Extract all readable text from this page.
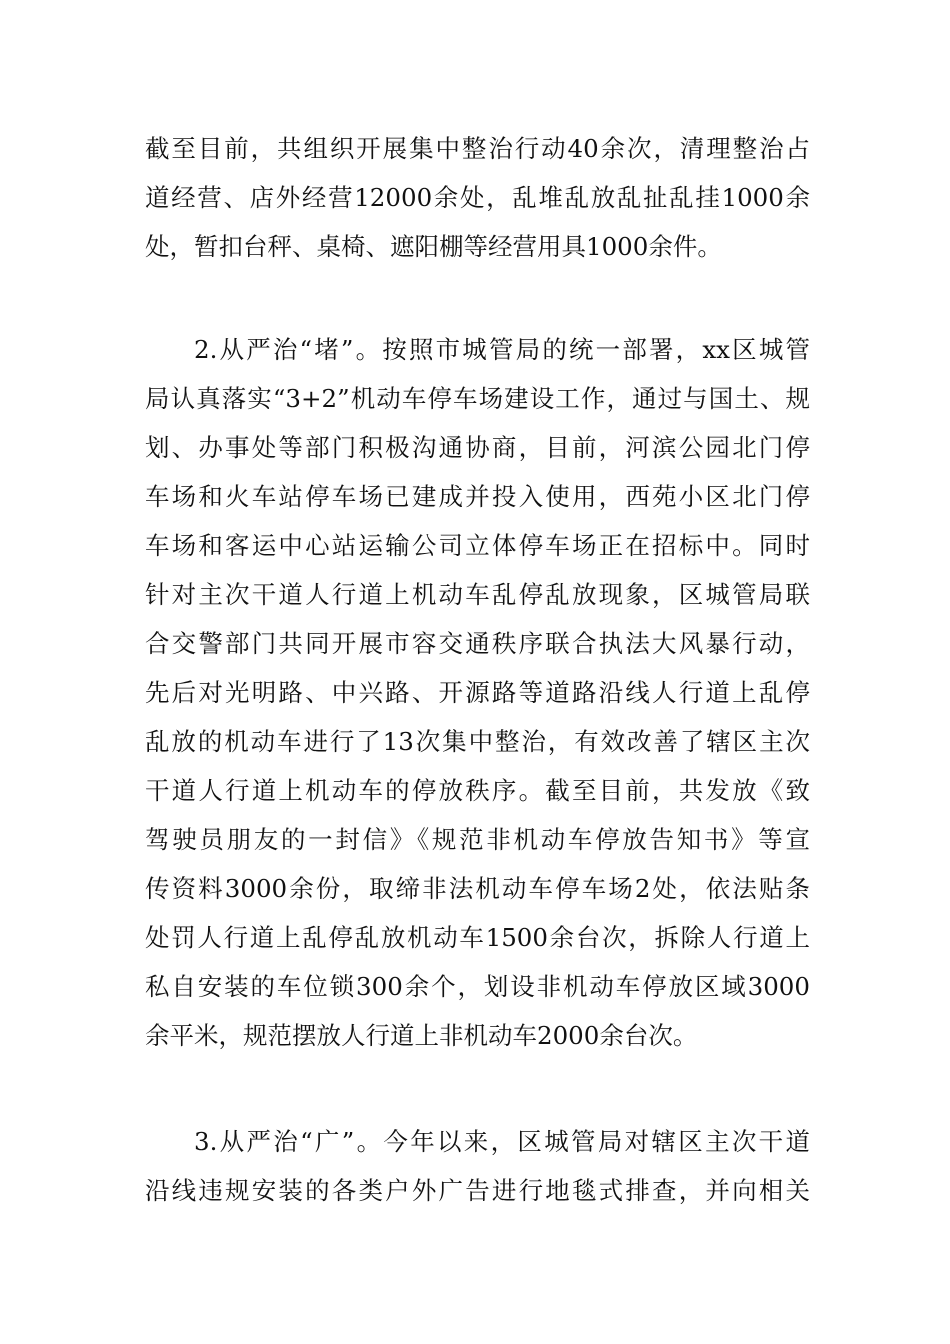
截至目前，共组织开展集中整治行动40余次，清理整治占
道经营、店外经营12000余处，乱堆乱放乱扯乱挂1000余
处，暂扣台秤、桌椅、遮阳棚等经营用具1000余件。
2.从严治“堵”。按照市城管局的统一部署，xx区城管
局认真落实“3+2”机动车停车场建设工作，通过与国土、规
划、办事处等部门积极沟通协商，目前，河滨公园北门停
车场和火车站停车场已建成并投入使用，西苑小区北门停
车场和客运中心站运输公司立体停车场正在招标中。同时
针对主次干道人行道上机动车乱停乱放现象，区城管局联
合交警部门共同开展市容交通秩序联合执法大风暴行动，
先后对光明路、中兴路、开源路等道路沿线人行道上乱停
乱放的机动车进行了13次集中整治，有效改善了辖区主次
干道人行道上机动车的停放秩序。截至目前，共发放《致
驾驶员朋友的一封信》《规范非机动车停放告知书》等宣
传资料3000余份，取缔非法机动车停车场2处，依法贴条
处罚人行道上乱停乱放机动车1500余台次，拆除人行道上
私自安装的车位锁300余个，划设非机动车停放区域3000
余平米，规范摆放人行道上非机动车2000余台次。
3.从严治“广”。今年以来，区城管局对辖区主次干道
沿线违规安装的各类户外广告进行地毯式排查，并向相关
